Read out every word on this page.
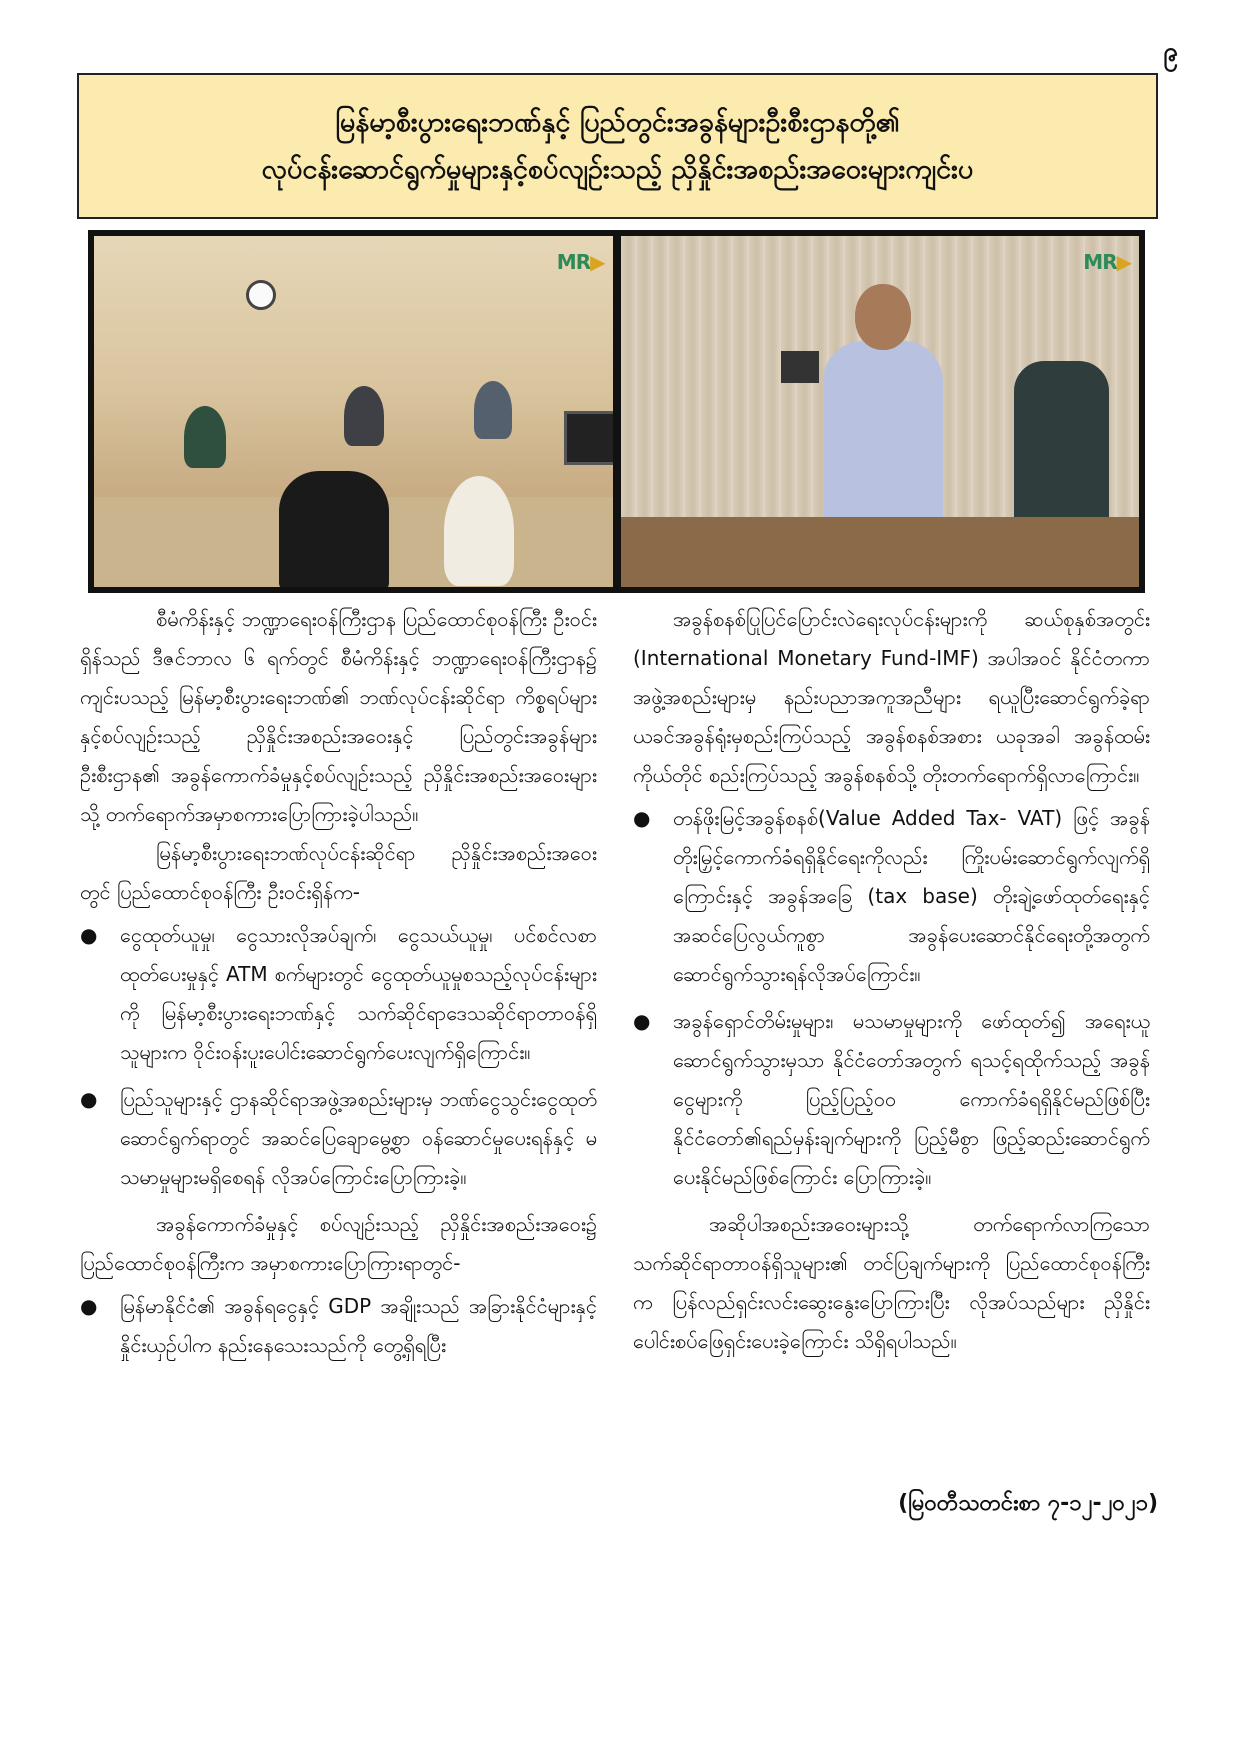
၉
မြန်မာ့စီးပွားရေးဘဏ်နှင့် ပြည်တွင်းအခွန်များဦးစီးဌာနတို့၏
လုပ်ငန်းဆောင်ရွက်မှုများနှင့်စပ်လျဉ်းသည့် ညှိနှိုင်းအစည်းအဝေးများကျင်းပ
MR▶	MR▶

စီမံကိန်းနှင့် ဘဏ္ဍာရေးဝန်ကြီးဌာန ပြည်ထောင်စုဝန်ကြီး ဦးဝင်းရှိန်သည် ဒီဇင်ဘာလ ၆ ရက်တွင် စီမံကိန်းနှင့် ဘဏ္ဍာရေးဝန်ကြီးဌာန၌ ကျင်းပသည့် မြန်မာ့စီးပွားရေးဘဏ်၏ ဘဏ်လုပ်ငန်းဆိုင်ရာ ကိစ္စရပ်များနှင့်စပ်လျဉ်းသည့် ညှိနှိုင်းအစည်းအဝေးနှင့် ပြည်တွင်းအခွန်များဦးစီးဌာန၏ အခွန်ကောက်ခံမှုနှင့်စပ်လျဉ်းသည့် ညှိနှိုင်းအစည်းအဝေးများသို့ တက်ရောက်အမှာစကားပြောကြားခဲ့ပါသည်။

မြန်မာ့စီးပွားရေးဘဏ်လုပ်ငန်းဆိုင်ရာ ညှိနှိုင်းအစည်းအဝေးတွင် ပြည်ထောင်စုဝန်ကြီး ဦးဝင်းရှိန်က-

● ငွေထုတ်ယူမှု၊ ငွေသားလိုအပ်ချက်၊ ငွေသယ်ယူမှု၊ ပင်စင်လစာထုတ်ပေးမှုနှင့် ATM စက်များတွင် ငွေထုတ်ယူမှုစသည့်လုပ်ငန်းများကို မြန်မာ့စီးပွားရေးဘဏ်နှင့် သက်ဆိုင်ရာဒေသဆိုင်ရာတာဝန်ရှိသူများက ဝိုင်းဝန်းပူးပေါင်းဆောင်ရွက်ပေးလျက်ရှိကြောင်း။
● ပြည်သူများနှင့် ဌာနဆိုင်ရာအဖွဲ့အစည်းများမှ ဘဏ်ငွေသွင်းငွေထုတ်ဆောင်ရွက်ရာတွင် အဆင်ပြေချောမွေ့စွာ ဝန်ဆောင်မှုပေးရန်နှင့် မသမာမှုများမရှိစေရန် လိုအပ်ကြောင်းပြောကြားခဲ့။

အခွန်ကောက်ခံမှုနှင့် စပ်လျဉ်းသည့် ညှိနှိုင်းအစည်းအဝေး၌ ပြည်ထောင်စုဝန်ကြီးက အမှာစကားပြောကြားရာတွင်-

● မြန်မာနိုင်ငံ၏ အခွန်ရငွေနှင့် GDP အချိုးသည် အခြားနိုင်ငံများနှင့်နှိုင်းယှဉ်ပါက နည်းနေသေးသည်ကို တွေ့ရှိရပြီး

အခွန်စနစ်ပြုပြင်ပြောင်းလဲရေးလုပ်ငန်းများကို ဆယ်စုနှစ်အတွင်း (International Monetary Fund-IMF) အပါအဝင် နိုင်ငံတကာအဖွဲ့အစည်းများမှ နည်းပညာအကူအညီများ ရယူပြီးဆောင်ရွက်ခဲ့ရာ ယခင်အခွန်ရုံးမှစည်းကြပ်သည့် အခွန်စနစ်အစား ယခုအခါ အခွန်ထမ်းကိုယ်တိုင် စည်းကြပ်သည့် အခွန်စနစ်သို့ တိုးတက်ရောက်ရှိလာကြောင်း။

● တန်ဖိုးမြင့်အခွန်စနစ်(Value Added Tax- VAT) ဖြင့် အခွန်တိုးမြှင့်ကောက်ခံရရှိနိုင်ရေးကိုလည်း ကြိုးပမ်းဆောင်ရွက်လျက်ရှိကြောင်းနှင့် အခွန်အခြေ (tax base) တိုးချဲ့ဖော်ထုတ်ရေးနှင့် အဆင်ပြေလွယ်ကူစွာ အခွန်ပေးဆောင်နိုင်ရေးတို့အတွက် ဆောင်ရွက်သွားရန်လိုအပ်ကြောင်း။
● အခွန်ရှောင်တိမ်းမှုများ၊ မသမာမှုများကို ဖော်ထုတ်၍ အရေးယူဆောင်ရွက်သွားမှသာ နိုင်ငံတော်အတွက် ရသင့်ရထိုက်သည့် အခွန်ငွေများကို ပြည့်ပြည့်ဝဝ ကောက်ခံရရှိနိုင်မည်ဖြစ်ပြီး နိုင်ငံတော်၏ရည်မှန်းချက်များကို ပြည့်မီစွာ ဖြည့်ဆည်းဆောင်ရွက်ပေးနိုင်မည်ဖြစ်ကြောင်း ပြောကြားခဲ့။

အဆိုပါအစည်းအဝေးများသို့ တက်ရောက်လာကြသော သက်ဆိုင်ရာတာဝန်ရှိသူများ၏ တင်ပြချက်များကို ပြည်ထောင်စုဝန်ကြီးက ပြန်လည်ရှင်းလင်းဆွေးနွေးပြောကြားပြီး လိုအပ်သည်များ ညှိနှိုင်းပေါင်းစပ်ဖြေရှင်းပေးခဲ့ကြောင်း သိရှိရပါသည်။

(မြဝတီသတင်းစာ ၇-၁၂-၂၀၂၁)
